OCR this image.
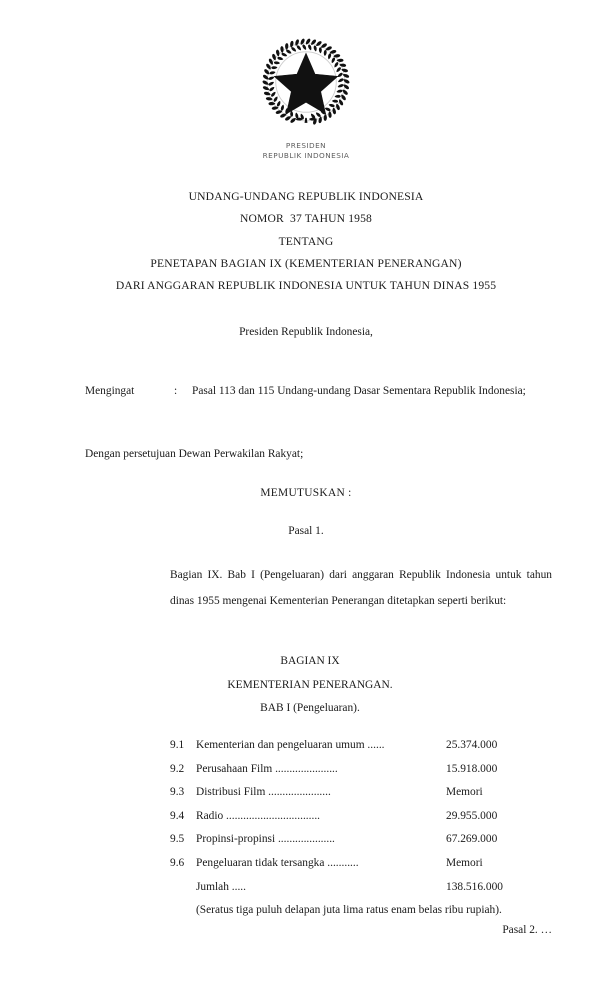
PRESIDEN
REPUBLIK INDONESIA
UNDANG-UNDANG REPUBLIK INDONESIA
NOMOR  37 TAHUN 1958
TENTANG
PENETAPAN BAGIAN IX (KEMENTERIAN PENERANGAN)
DARI ANGGARAN REPUBLIK INDONESIA UNTUK TAHUN DINAS 1955
Presiden Republik Indonesia,
Mengingat	: Pasal 113 dan 115 Undang-undang Dasar Sementara Republik Indonesia;
Dengan persetujuan Dewan Perwakilan Rakyat;
MEMUTUSKAN :
Pasal 1.
Bagian IX. Bab I (Pengeluaran) dari anggaran Republik Indonesia untuk tahun dinas 1955 mengenai Kementerian Penerangan ditetapkan seperti berikut:
BAGIAN IX
KEMENTERIAN PENERANGAN.
BAB I (Pengeluaran).
9.1	Kementerian dan pengeluaran umum ......	25.374.000
9.2	Perusahaan Film ......................	15.918.000
9.3	Distribusi Film ......................	Memori
9.4	Radio .................................	29.955.000
9.5	Propinsi-propinsi ....................	67.269.000
9.6	Pengeluaran tidak tersangka ...........	Memori
Jumlah .....	138.516.000
(Seratus tiga puluh delapan juta lima ratus enam belas ribu rupiah).
Pasal 2. …
